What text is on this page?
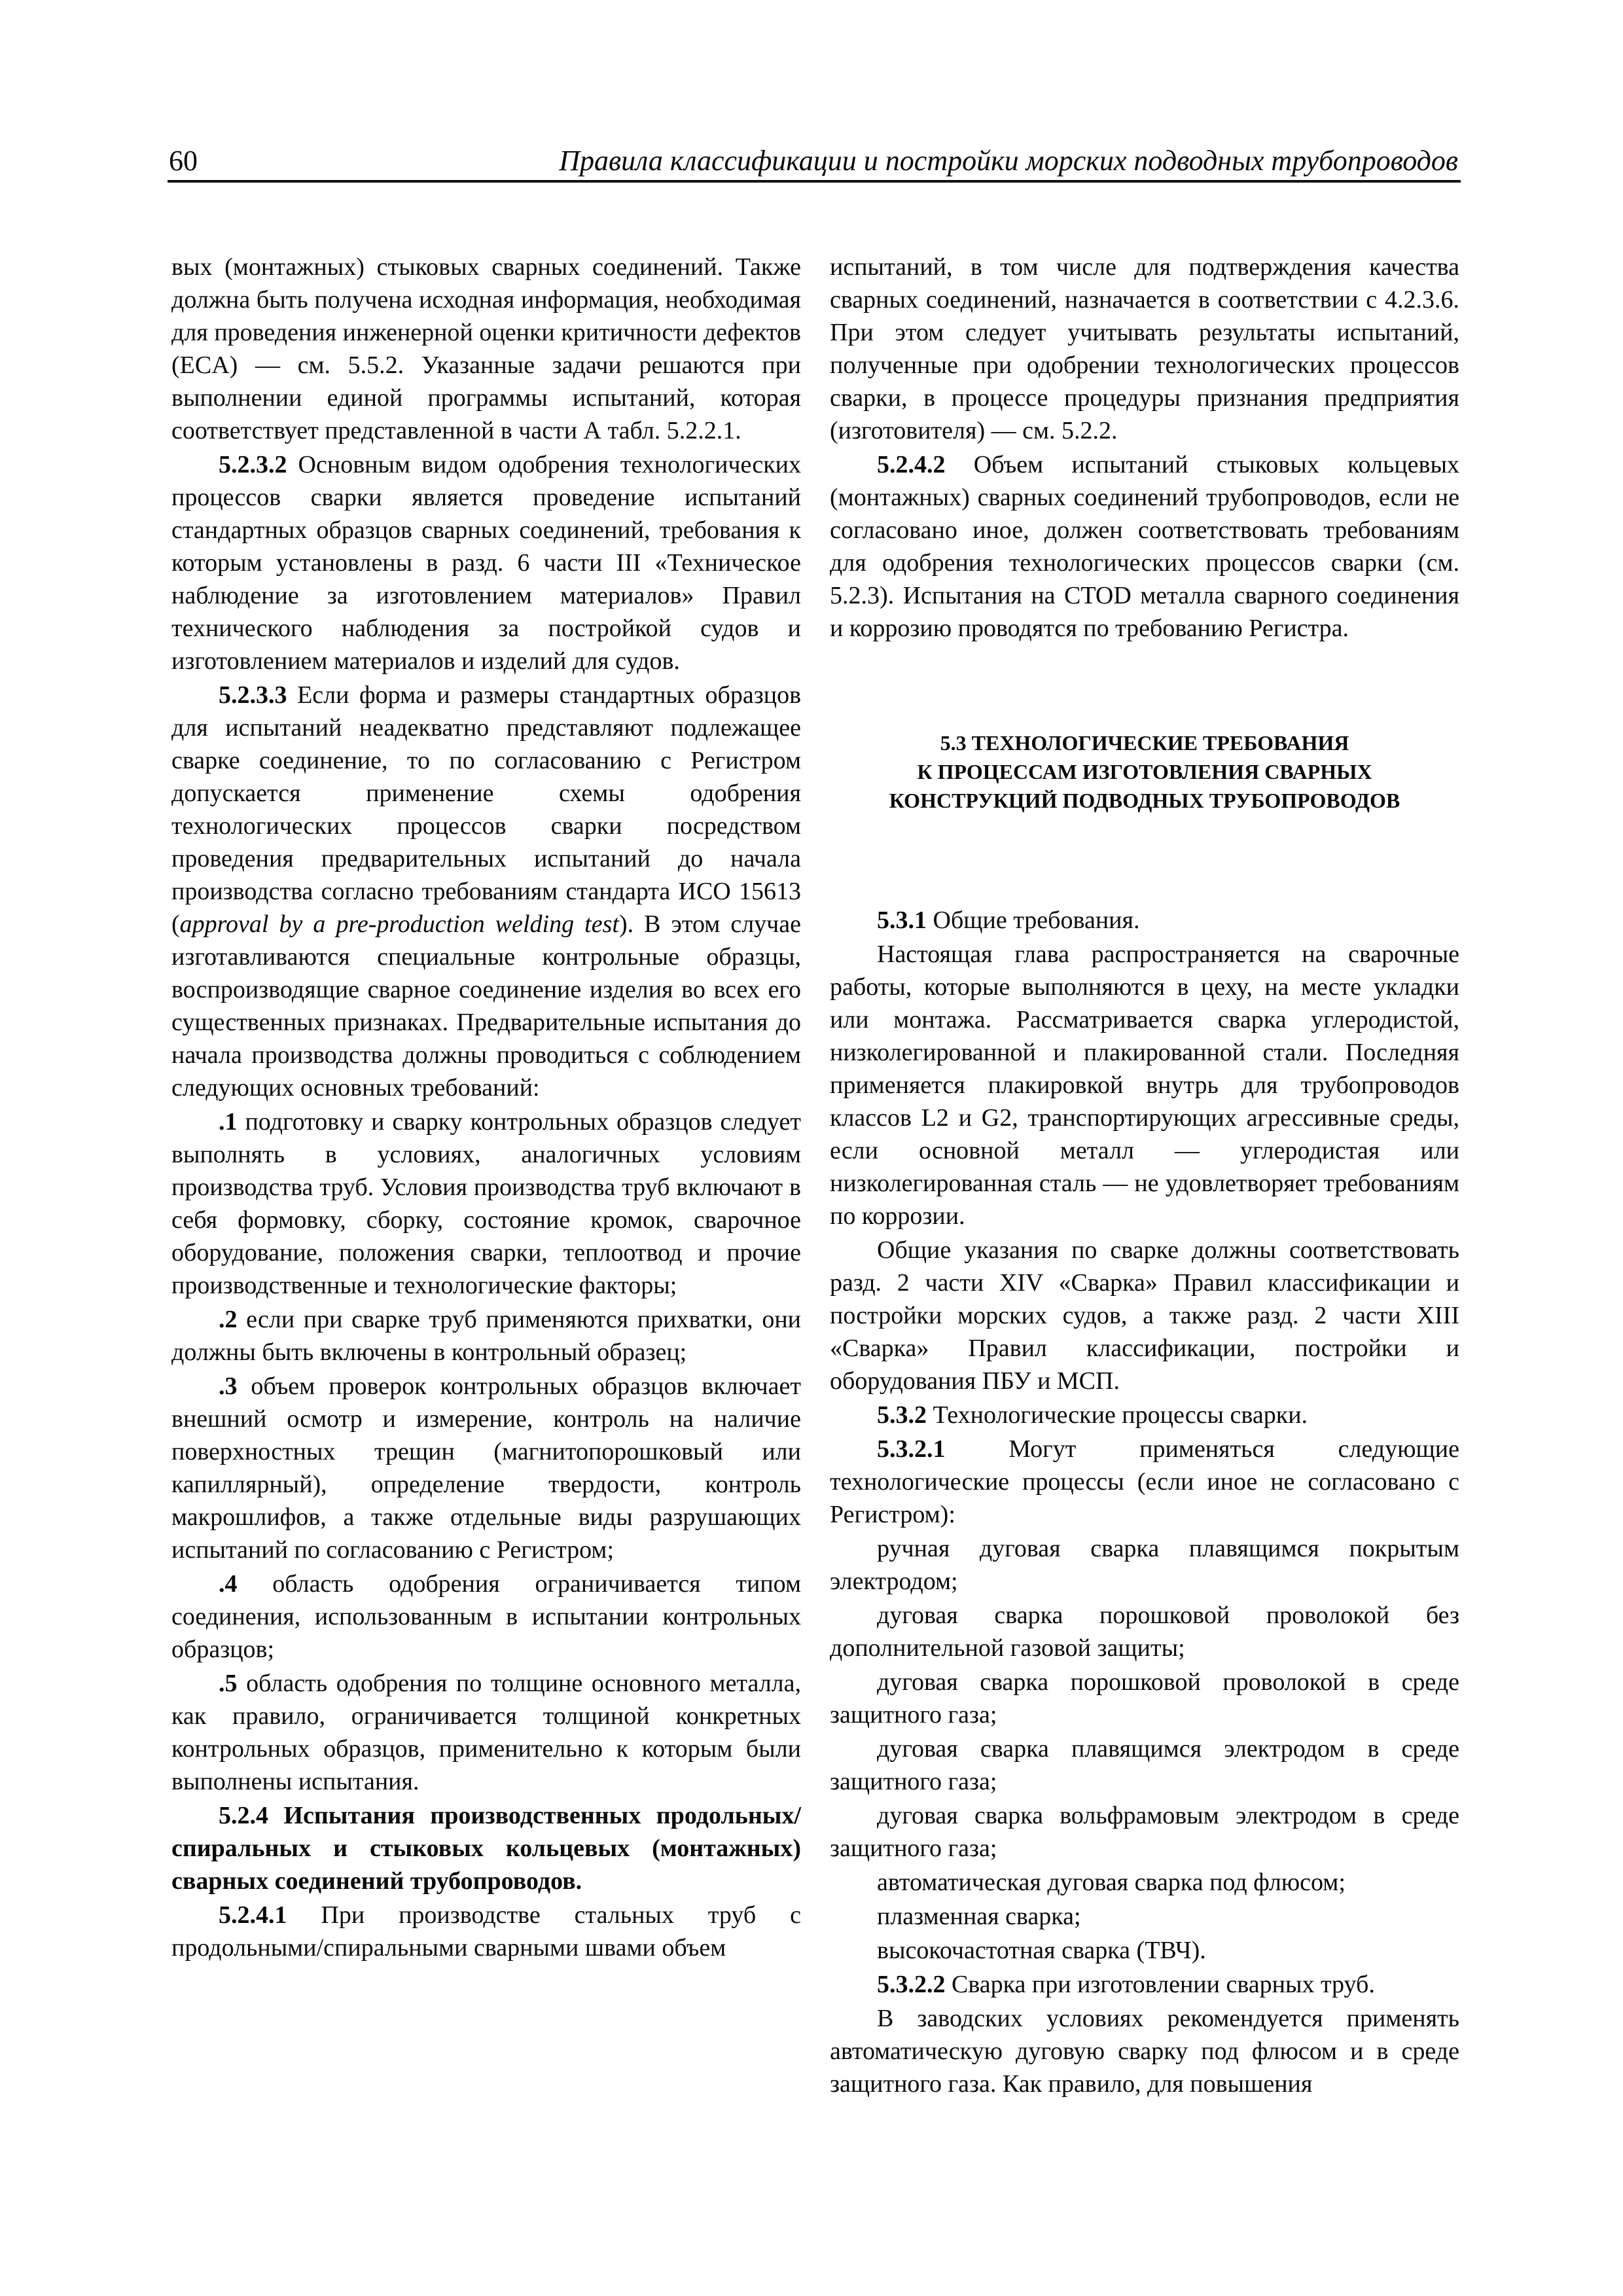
60	Правила классификации и постройки морских подводных трубопроводов

вых (монтажных) стыковых сварных соединений. Также должна быть получена исходная информация, необходимая для проведения инженерной оценки критичности дефектов (ECA) — см. 5.5.2. Указанные задачи решаются при выполнении единой программы испытаний, которая соответствует представленной в части А табл. 5.2.2.1.

5.2.3.2 Основным видом одобрения технологических процессов сварки является проведение испытаний стандартных образцов сварных соединений, требования к которым установлены в разд. 6 части III «Техническое наблюдение за изготовлением материалов» Правил технического наблюдения за постройкой судов и изготовлением материалов и изделий для судов.

5.2.3.3 Если форма и размеры стандартных образцов для испытаний неадекватно представляют подлежащее сварке соединение, то по согласованию с Регистром допускается применение схемы одобрения технологических процессов сварки посредством проведения предварительных испытаний до начала производства согласно требованиям стандарта ИСО 15613 (approval by a pre-production welding test). В этом случае изготавливаются специальные контрольные образцы, воспроизводящие сварное соединение изделия во всех его существенных признаках. Предварительные испытания до начала производства должны проводиться с соблюдением следующих основных требований:

.1 подготовку и сварку контрольных образцов следует выполнять в условиях, аналогичных условиям производства труб. Условия производства труб включают в себя формовку, сборку, состояние кромок, сварочное оборудование, положения сварки, теплоотвод и прочие производственные и технологические факторы;

.2 если при сварке труб применяются прихватки, они должны быть включены в контрольный образец;

.3 объем проверок контрольных образцов включает внешний осмотр и измерение, контроль на наличие поверхностных трещин (магнитопорошковый или капиллярный), определение твердости, контроль макрошлифов, а также отдельные виды разрушающих испытаний по согласованию с Регистром;

.4 область одобрения ограничивается типом соединения, использованным в испытании контрольных образцов;

.5 область одобрения по толщине основного металла, как правило, ограничивается толщиной конкретных контрольных образцов, применительно к которым были выполнены испытания.

5.2.4 Испытания производственных продольных/спиральных и стыковых кольцевых (монтажных) сварных соединений трубопроводов.

5.2.4.1 При производстве стальных труб с продольными/спиральными сварными швами объем

испытаний, в том числе для подтверждения качества сварных соединений, назначается в соответствии с 4.2.3.6. При этом следует учитывать результаты испытаний, полученные при одобрении технологических процессов сварки, в процессе процедуры признания предприятия (изготовителя) — см. 5.2.2.

5.2.4.2 Объем испытаний стыковых кольцевых (монтажных) сварных соединений трубопроводов, если не согласовано иное, должен соответствовать требованиям для одобрения технологических процессов сварки (см. 5.2.3). Испытания на CTOD металла сварного соединения и коррозию проводятся по требованию Регистра.

5.3 ТЕХНОЛОГИЧЕСКИЕ ТРЕБОВАНИЯ
К ПРОЦЕССАМ ИЗГОТОВЛЕНИЯ СВАРНЫХ
КОНСТРУКЦИЙ ПОДВОДНЫХ ТРУБОПРОВОДОВ

5.3.1 Общие требования.

Настоящая глава распространяется на сварочные работы, которые выполняются в цеху, на месте укладки или монтажа. Рассматривается сварка углеродистой, низколегированной и плакированной стали. Последняя применяется плакировкой внутрь для трубопроводов классов L2 и G2, транспортирующих агрессивные среды, если основной металл — углеродистая или низколегированная сталь — не удовлетворяет требованиям по коррозии.

Общие указания по сварке должны соответствовать разд. 2 части XIV «Сварка» Правил классификации и постройки морских судов, а также разд. 2 части XIII «Сварка» Правил классификации, постройки и оборудования ПБУ и МСП.

5.3.2 Технологические процессы сварки.

5.3.2.1	Могут применяться следующие технологические процессы (если иное не согласовано с Регистром):

ручная дуговая сварка плавящимся покрытым электродом;

дуговая сварка порошковой проволокой без дополнительной газовой защиты;

дуговая сварка порошковой проволокой в среде защитного газа;

дуговая сварка плавящимся электродом в среде защитного газа;

дуговая сварка вольфрамовым электродом в среде защитного газа;

автоматическая дуговая сварка под флюсом;

плазменная сварка;

высокочастотная сварка (ТВЧ).

5.3.2.2 Сварка при изготовлении сварных труб.

В заводских условиях рекомендуется применять автоматическую дуговую сварку под флюсом и в среде защитного газа. Как правило, для повышения
